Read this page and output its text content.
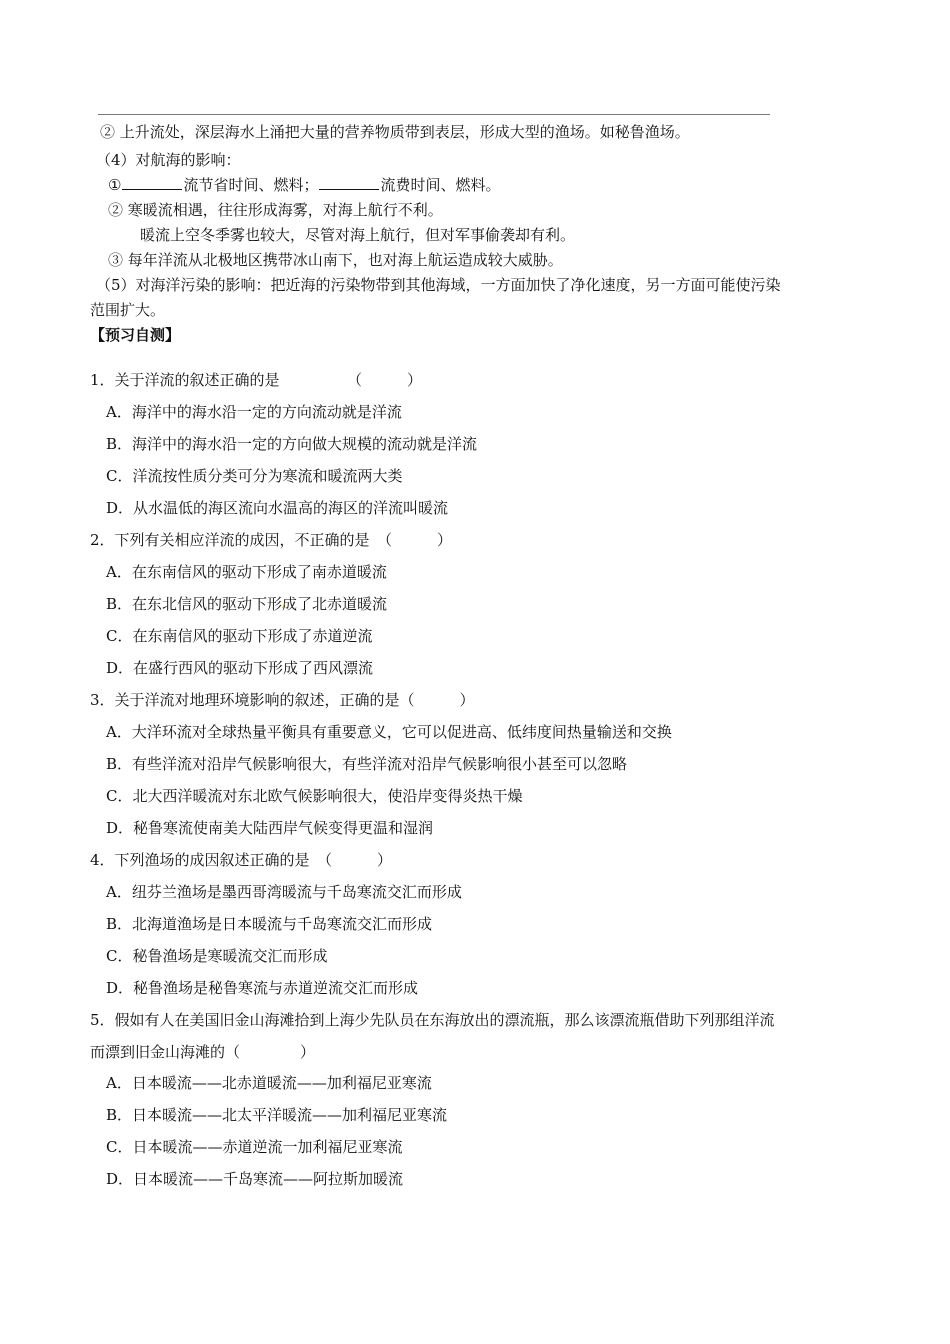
② 上升流处，深层海水上涌把大量的营养物质带到表层，形成大型的渔场。如秘鲁渔场。
（4）对航海的影响：
①	流节省时间、燃料；	流费时间、燃料。
② 寒暖流相遇，往往形成海雾，对海上航行不利。
暖流上空冬季雾也较大，尽管对海上航行，但对军事偷袭却有利。
③ 每年洋流从北极地区携带冰山南下，也对海上航运造成较大威胁。
（5）对海洋污染的影响：把近海的污染物带到其他海域，一方面加快了净化速度，另一方面可能使污染
范围扩大。
【预习自测】
1．关于洋流的叙述正确的是　　　　　（　　　）
A．海洋中的海水沿一定的方向流动就是洋流
B．海洋中的海水沿一定的方向做大规模的流动就是洋流
C．洋流按性质分类可分为寒流和暖流两大类
D．从水温低的海区流向水温高的海区的洋流叫暖流
2．下列有关相应洋流的成因，不正确的是　（　　　）
A．在东南信风的驱动下形成了南赤道暖流
B．在东北信风的驱动下形成了北赤道暖流
C．在东南信风的驱动下形成了赤道逆流
D．在盛行西风的驱动下形成了西风漂流
3．关于洋流对地理环境影响的叙述，正确的是（　　　）
A．大洋环流对全球热量平衡具有重要意义，它可以促进高、低纬度间热量输送和交换
B．有些洋流对沿岸气候影响很大，有些洋流对沿岸气候影响很小甚至可以忽略
C．北大西洋暖流对东北欧气候影响很大，使沿岸变得炎热干燥
D．秘鲁寒流使南美大陆西岸气候变得更温和湿润
4．下列渔场的成因叙述正确的是　（　　　）
A．纽芬兰渔场是墨西哥湾暖流与千岛寒流交汇而形成
B．北海道渔场是日本暖流与千岛寒流交汇而形成
C．秘鲁渔场是寒暖流交汇而形成
D．秘鲁渔场是秘鲁寒流与赤道逆流交汇而形成
5．假如有人在美国旧金山海滩拾到上海少先队员在东海放出的漂流瓶，那么该漂流瓶借助下列那组洋流
而漂到旧金山海滩的（　　　　）
A．日本暖流——北赤道暖流——加利福尼亚寒流
B．日本暖流——北太平洋暖流——加利福尼亚寒流
C．日本暖流——赤道逆流一加利福尼亚寒流
D．日本暖流——千岛寒流——阿拉斯加暖流
